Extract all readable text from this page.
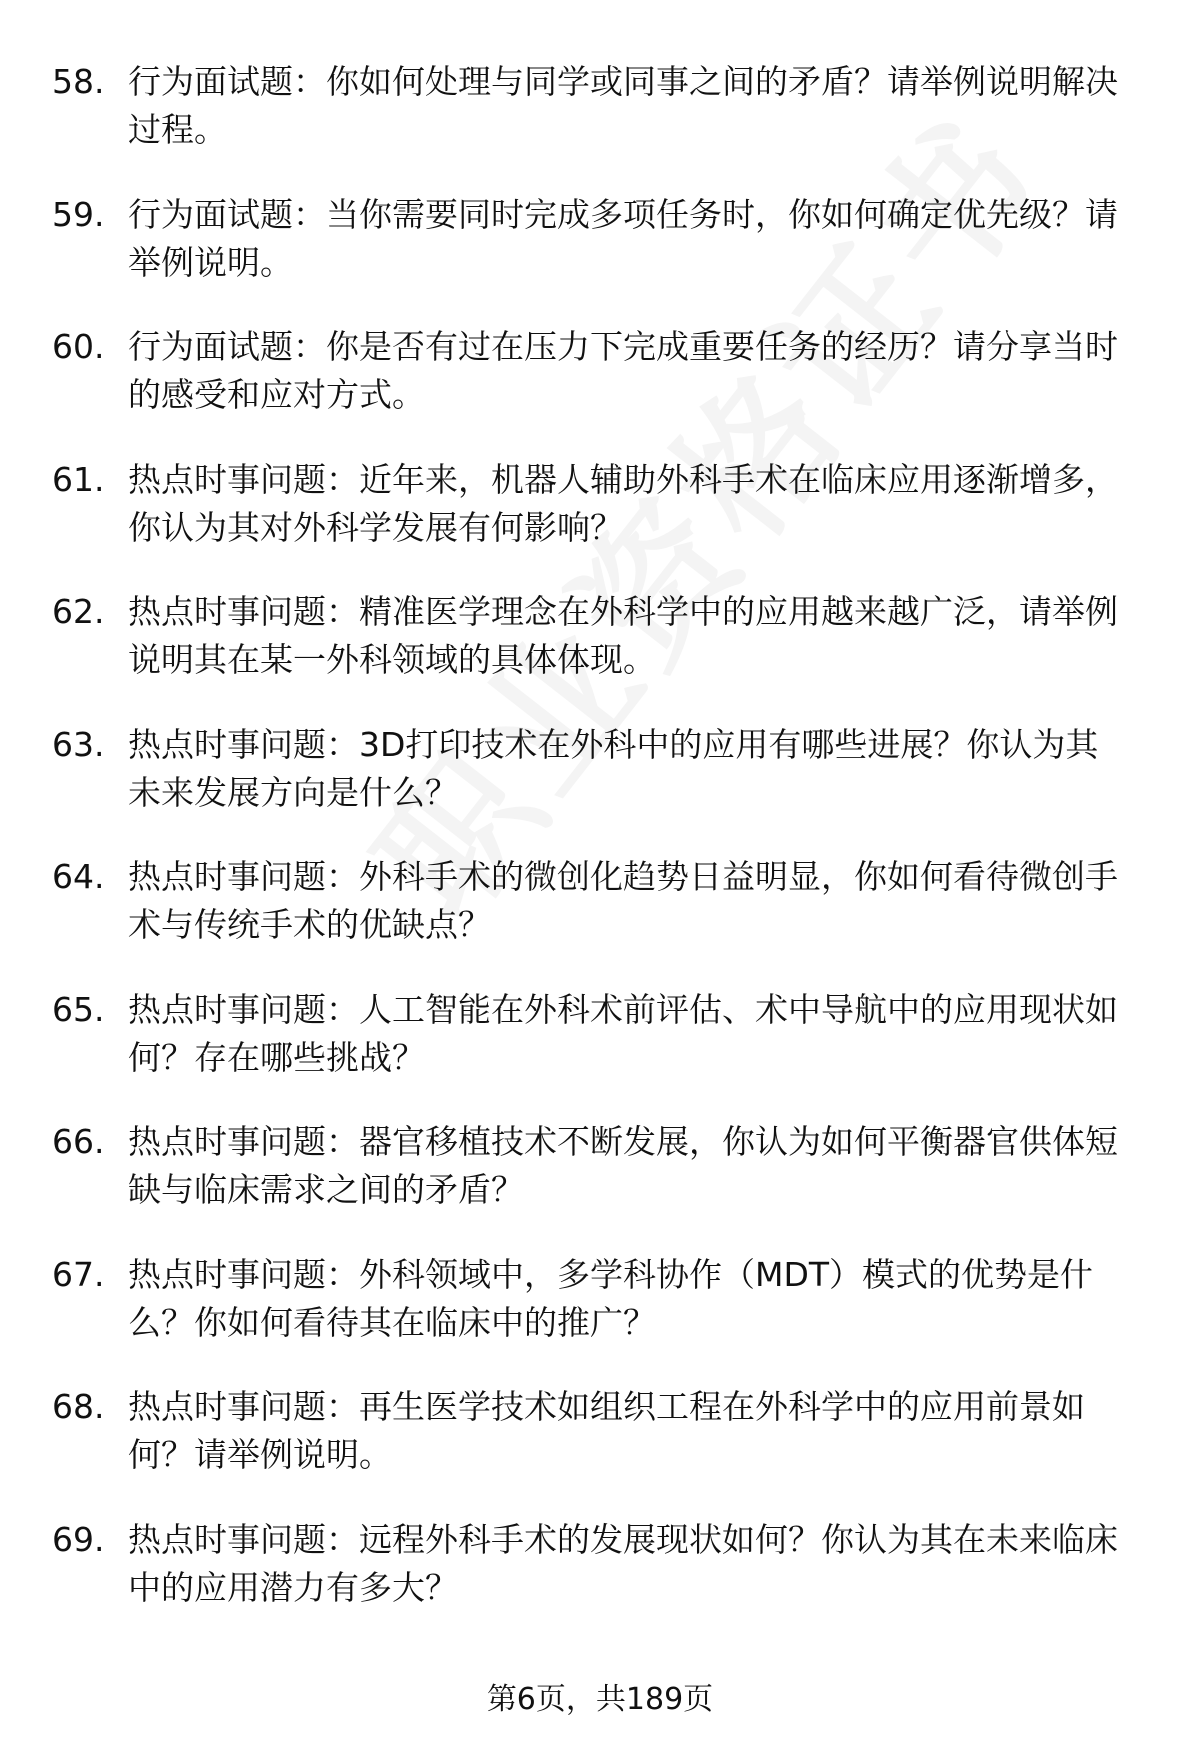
58. 行为面试题：你如何处理与同学或同事之间的矛盾？请举例说明解决过程。
59. 行为面试题：当你需要同时完成多项任务时，你如何确定优先级？请举例说明。
60. 行为面试题：你是否有过在压力下完成重要任务的经历？请分享当时的感受和应对方式。
61. 热点时事问题：近年来，机器人辅助外科手术在临床应用逐渐增多，你认为其对外科学发展有何影响？
62. 热点时事问题：精准医学理念在外科学中的应用越来越广泛，请举例说明其在某一外科领域的具体体现。
63. 热点时事问题：3D打印技术在外科中的应用有哪些进展？你认为其未来发展方向是什么？
64. 热点时事问题：外科手术的微创化趋势日益明显，你如何看待微创手术与传统手术的优缺点？
65. 热点时事问题：人工智能在外科术前评估、术中导航中的应用现状如何？存在哪些挑战？
66. 热点时事问题：器官移植技术不断发展，你认为如何平衡器官供体短缺与临床需求之间的矛盾？
67. 热点时事问题：外科领域中，多学科协作（MDT）模式的优势是什么？你如何看待其在临床中的推广？
68. 热点时事问题：再生医学技术如组织工程在外科学中的应用前景如何？请举例说明。
69. 热点时事问题：远程外科手术的发展现状如何？你认为其在未来临床中的应用潜力有多大？
第6页，共189页
